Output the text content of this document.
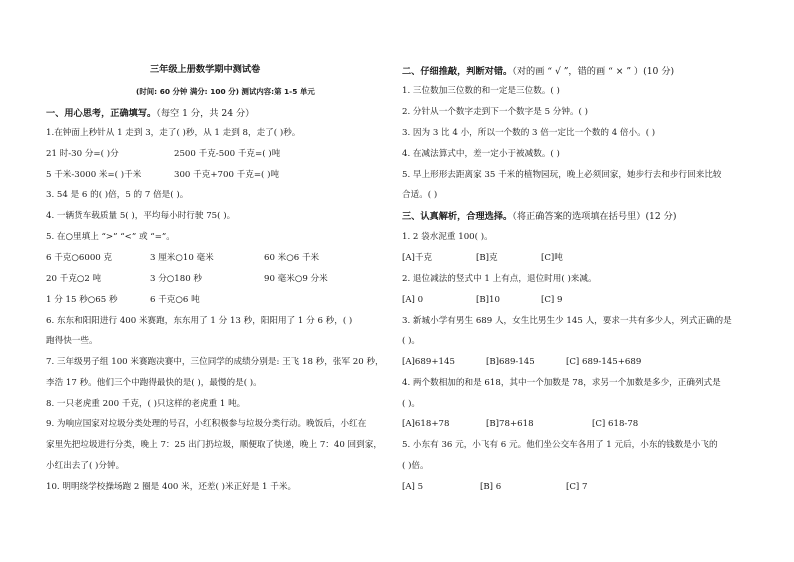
三年级上册数学期中测试卷
(时间: 60 分钟 满分: 100 分) 测试内容:第 1-5 单元
一、用心思考，正确填写。（每空 1 分，共 24 分）
1.在钟面上秒针从 1 走到 3，走了( )秒，从 1 走到 8，走了( )秒。
21 时-30 分=( )分	2500 千克-500 千克=( )吨
5 千米-3000 米=( )千米	300 千克+700 千克=( )吨
3. 54 是 6 的( )倍，5 的 7 倍是( )。
4. 一辆货车载质量 5( )，平均每小时行驶 75( )。
5. 在○里填上 “>” “<” 或 “=”。
6 千克○6000 克	3 厘米○10 毫米	60 米○6 千米
20 千克○2 吨	3 分○180 秒	90 毫米○9 分米
1 分 15 秒○65 秒	6 千克○6 吨
6. 东东和阳阳进行 400 米赛跑，东东用了 1 分 13 秒，阳阳用了 1 分 6 秒，( )
跑得快一些。
7. 三年级男子组 100 米赛跑决赛中，三位同学的成绩分别是: 王飞 18 秒，张军 20 秒，
李浩 17 秒。他们三个中跑得最快的是( )，最慢的是( )。
8. 一只老虎重 200 千克，( )只这样的老虎重 1 吨。
9. 为响应国家对垃圾分类处理的号召，小红积极参与垃圾分类行动。晚饭后，小红在
家里先把垃圾进行分类，晚上 7：25 出门扔垃圾，顺便取了快递，晚上 7：40 回到家，
小红出去了( )分钟。
10. 明明绕学校操场跑 2 圈是 400 米，还差( )米正好是 1 千米。
二、仔细推敲，判断对错。（对的画 “ √ ”，错的画 “ × ” ）(10 分)
1. 三位数加三位数的和一定是三位数。( )
2. 分针从一个数字走到下一个数字是 5 分钟。( )
3. 因为 3 比 4 小，所以一个数的 3 倍一定比一个数的 4 倍小。( )
4. 在减法算式中，差一定小于被减数。( )
5. 早上形形去距离家 35 千米的植物园玩，晚上必须回家，她步行去和步行回来比较
合适。( )
三、认真解析，合理选择。（将正确答案的选项填在括号里）(12 分)
1. 2 袋水泥重 100( )。
[A]千克	[B]克	[C]吨
2. 退位减法的竖式中 1 上有点，退位时用( )来减。
[A] 0	[B]10	[C] 9
3. 新城小学有男生 689 人，女生比男生少 145 人，要求一共有多少人，列式正确的是
( )。
[A]689+145	[B]689-145	[C] 689-145+689
4. 两个数相加的和是 618，其中一个加数是 78，求另一个加数是多少，正确列式是
( )。
[A]618+78	[B]78+618	[C] 618-78
5. 小东有 36 元，小飞有 6 元。他们坐公交车各用了 1 元后，小东的钱数是小飞的
( )倍。
[A] 5	[B] 6	[C] 7
